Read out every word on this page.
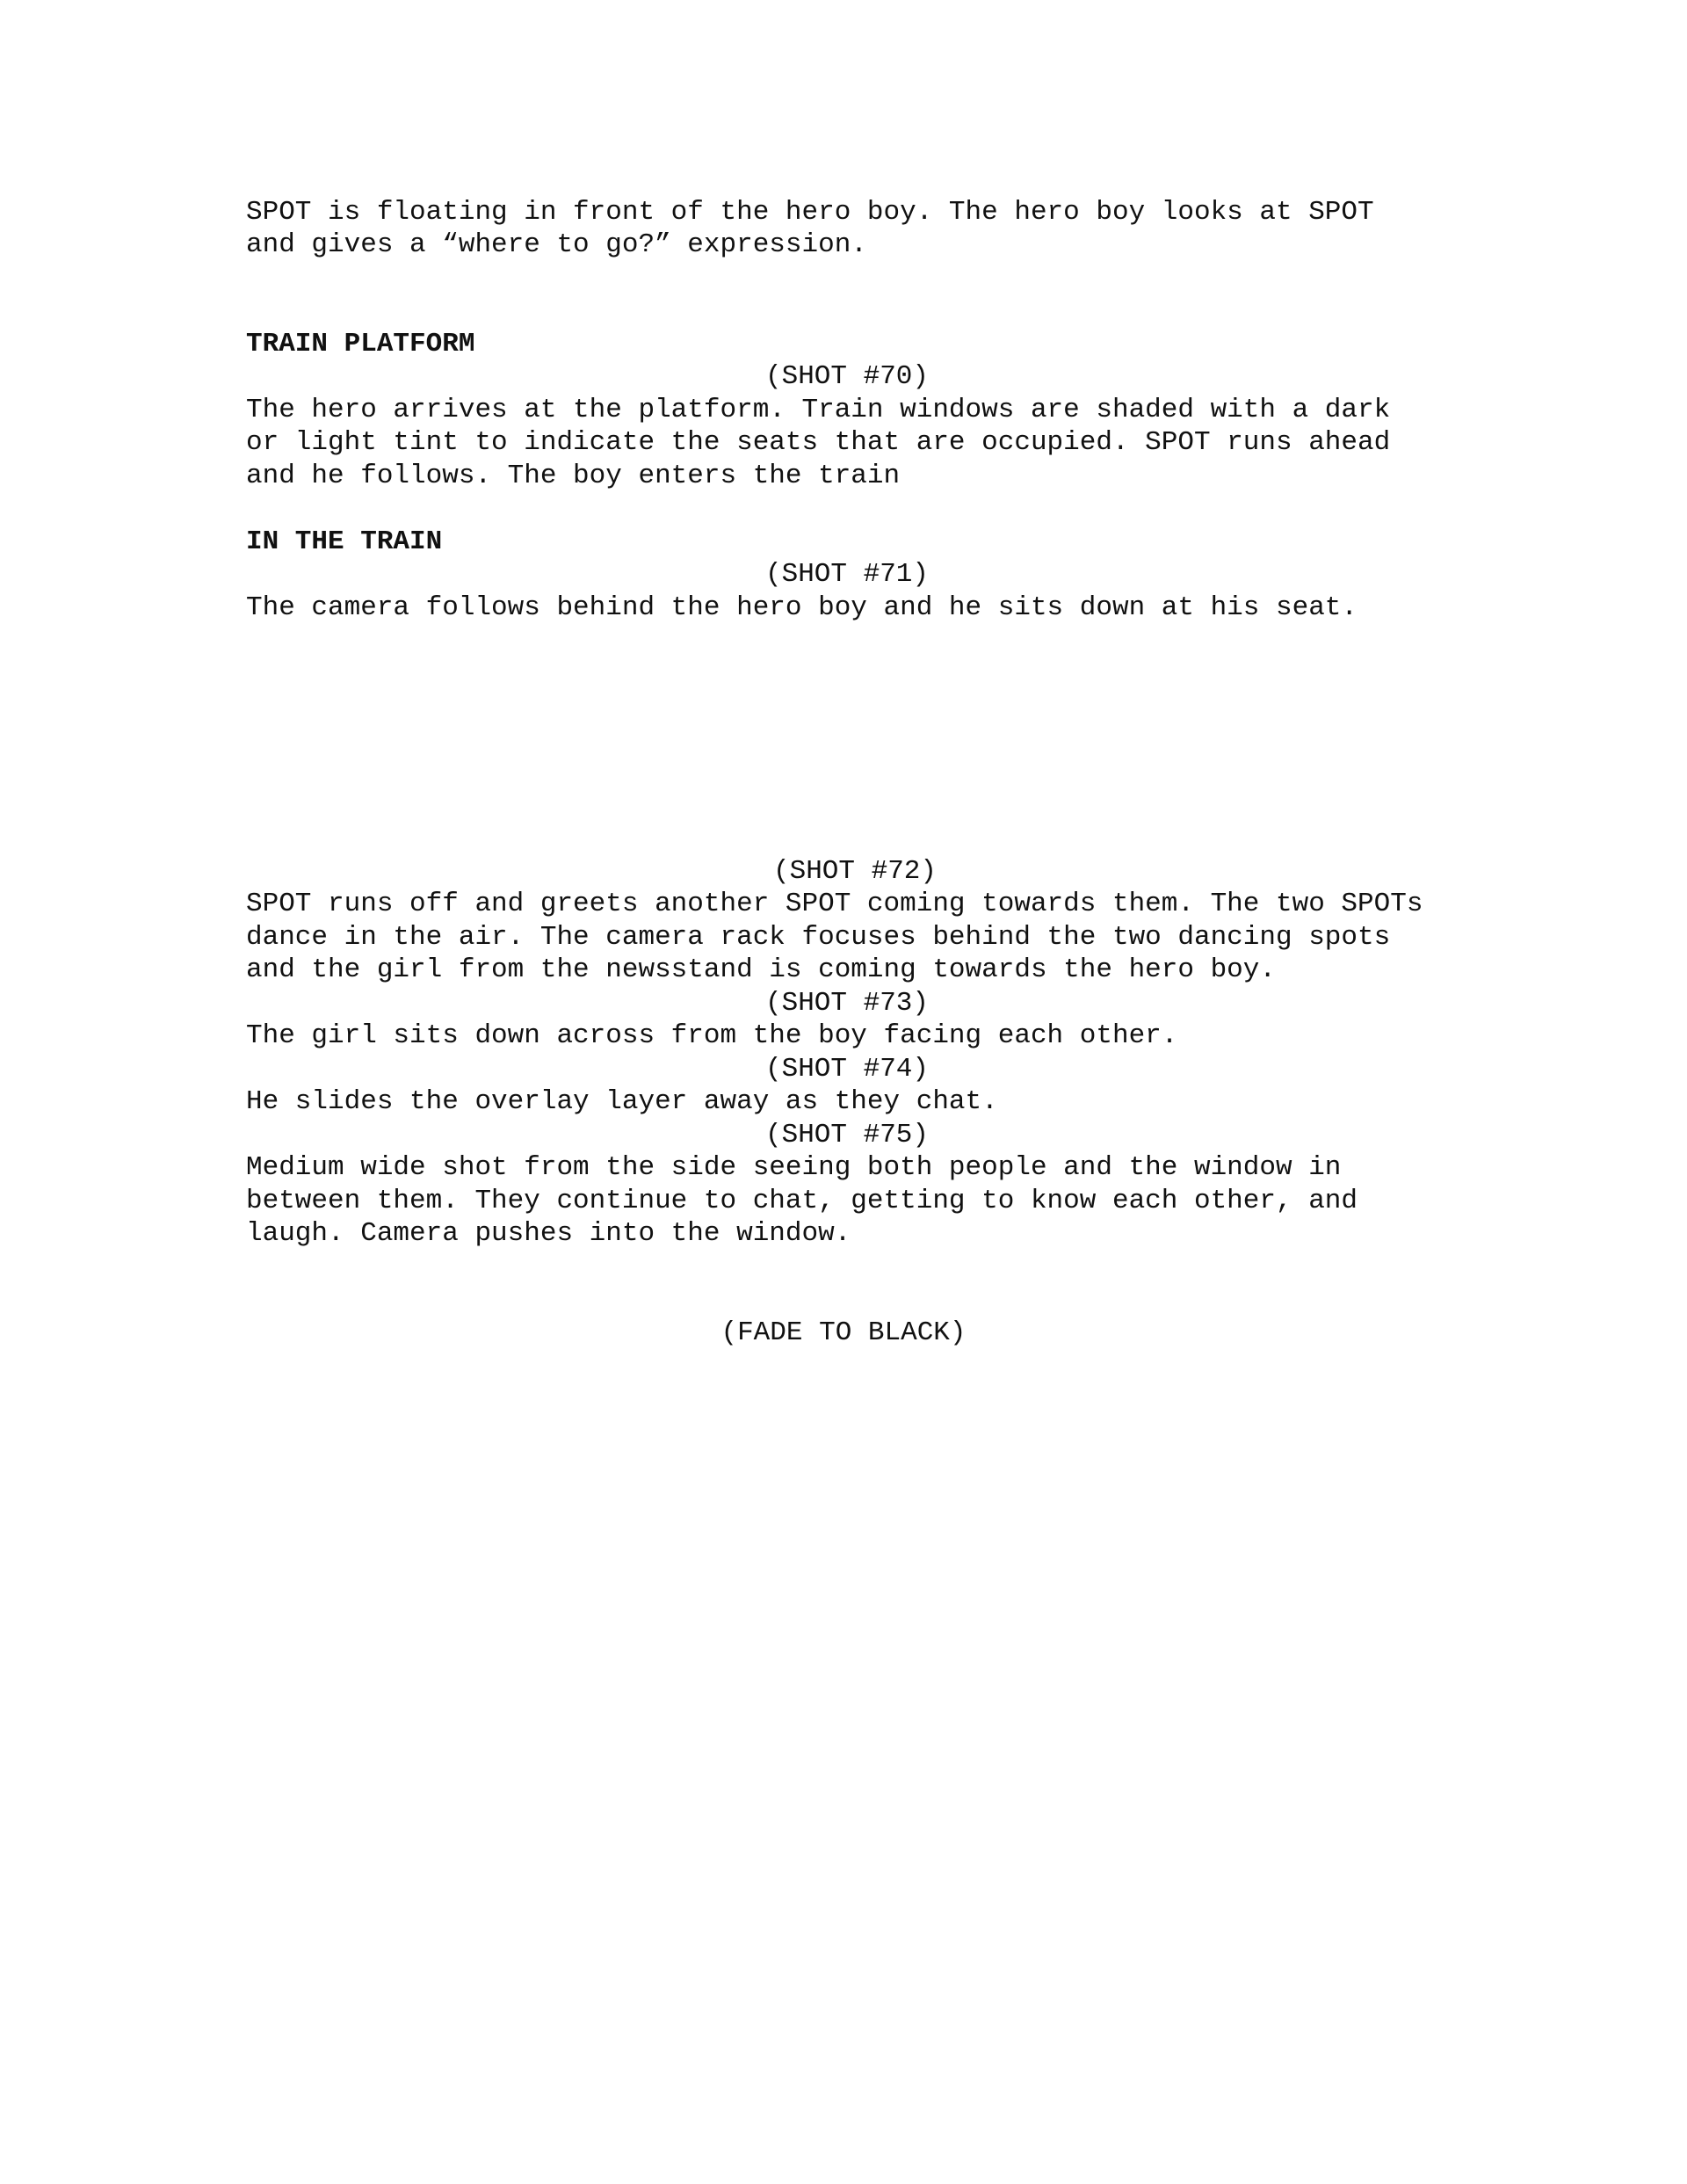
SPOT is floating in front of the hero boy. The hero boy looks at SPOT

and gives a “where to go?” expression.

TRAIN PLATFORM

(SHOT #70)

The hero arrives at the platform. Train windows are shaded with a dark

or light tint to indicate the seats that are occupied. SPOT runs ahead

and he follows. The boy enters the train

IN THE TRAIN

(SHOT #71)

The camera follows behind the hero boy and he sits down at his seat.

(SHOT #72)

SPOT runs off and greets another SPOT coming towards them. The two SPOTs

dance in the air. The camera rack focuses behind the two dancing spots

and the girl from the newsstand is coming towards the hero boy.

(SHOT #73)

The girl sits down across from the boy facing each other.

(SHOT #74)

He slides the overlay layer away as they chat.

(SHOT #75)

Medium wide shot from the side seeing both people and the window in

between them. They continue to chat, getting to know each other, and

laugh. Camera pushes into the window.

(FADE TO BLACK)
